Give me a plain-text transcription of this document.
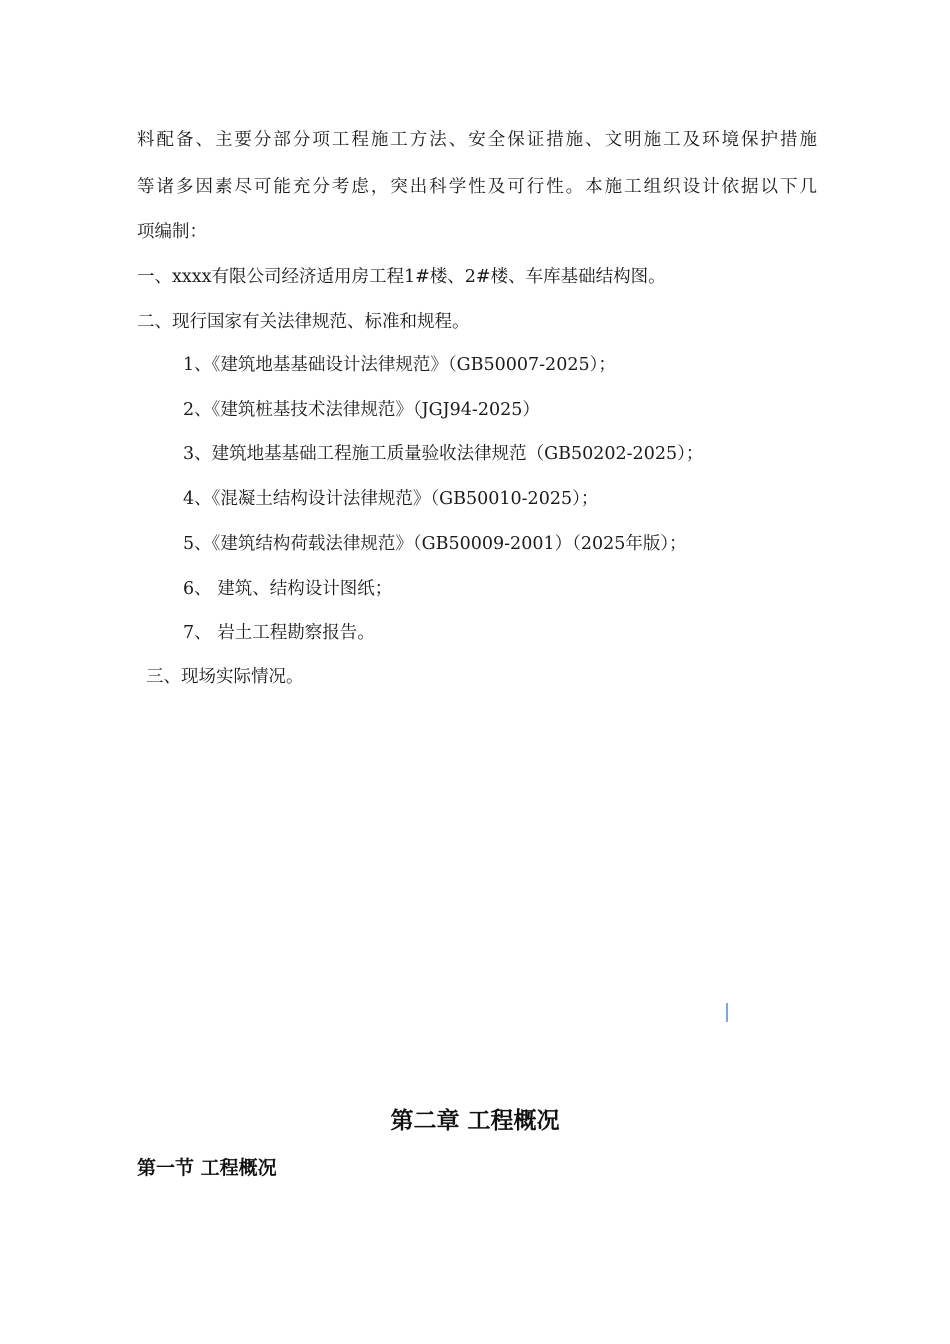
料配备、主要分部分项工程施工方法、安全保证措施、文明施工及环境保护措施
等诸多因素尽可能充分考虑，突出科学性及可行性。本施工组织设计依据以下几
项编制：
一、xxxx有限公司经济适用房工程1#楼、2#楼、车库基础结构图。
二、现行国家有关法律规范、标准和规程。
1、《建筑地基基础设计法律规范》（GB50007-2025）；
2、《建筑桩基技术法律规范》（JGJ94-2025）
3、建筑地基基础工程施工质量验收法律规范（GB50202-2025）；
4、《混凝土结构设计法律规范》（GB50010-2025）；
5、《建筑结构荷载法律规范》（GB50009-2001）（2025年版）；
6、 建筑、结构设计图纸；
7、 岩土工程勘察报告。
三、现场实际情况。
第二章 工程概况
第一节 工程概况
